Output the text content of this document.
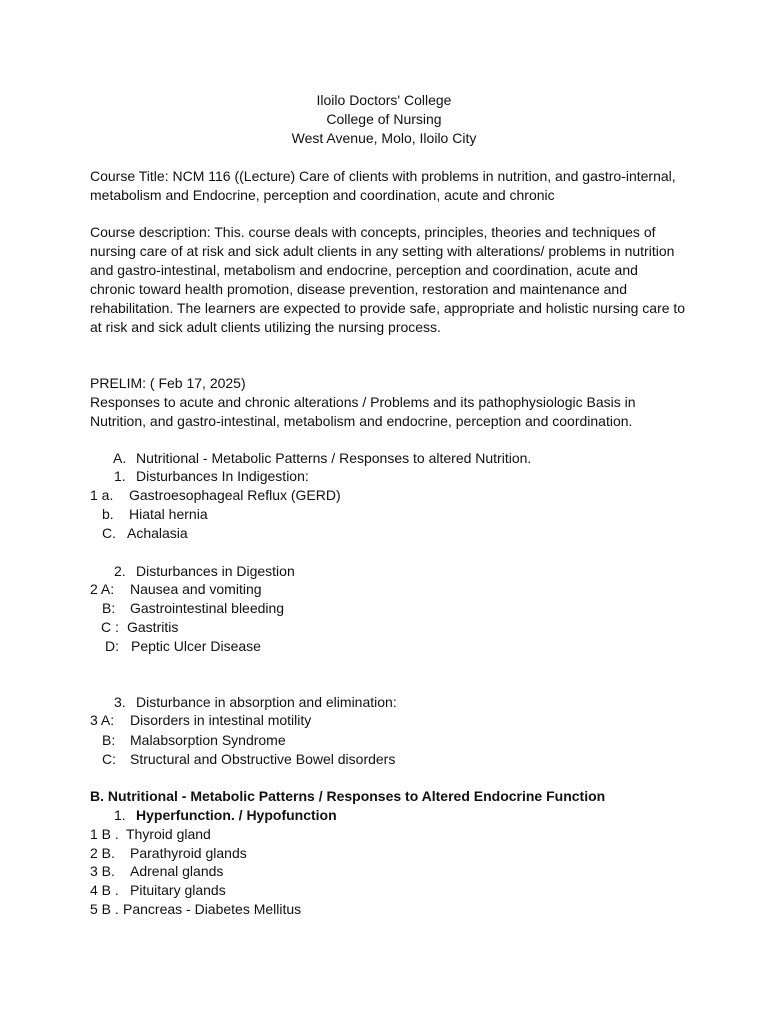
Iloilo Doctors' College
College of Nursing
West Avenue, Molo, Iloilo City
Course Title: NCM 116 ((Lecture) Care of clients with problems in nutrition, and gastro-internal,
metabolism and Endocrine, perception and coordination, acute and chronic
Course description: This. course deals with concepts, principles, theories and techniques of
nursing care of at risk and sick adult clients in any setting with alterations/ problems in nutrition
and gastro-intestinal, metabolism and endocrine, perception and coordination, acute and
chronic toward health promotion, disease prevention, restoration and maintenance and
rehabilitation. The learners are expected to provide safe, appropriate and holistic nursing care to
at risk and sick adult clients utilizing the nursing process.
PRELIM: ( Feb 17, 2025)
Responses to acute and chronic alterations / Problems and its pathophysiologic Basis in
Nutrition, and gastro-intestinal, metabolism and endocrine, perception and coordination.
A. Nutritional - Metabolic Patterns / Responses to altered Nutrition.
1. Disturbances In Indigestion:
1 a. Gastroesophageal Reflux (GERD)
b. Hiatal hernia
C. Achalasia
2. Disturbances in Digestion
2 A: Nausea and vomiting
B: Gastrointestinal bleeding
C : Gastritis
D: Peptic Ulcer Disease
3. Disturbance in absorption and elimination:
3 A: Disorders in intestinal motility
B: Malabsorption Syndrome
C: Structural and Obstructive Bowel disorders
B. Nutritional - Metabolic Patterns / Responses to Altered Endocrine Function
1. Hyperfunction. / Hypofunction
1 B . Thyroid gland
2 B. Parathyroid glands
3 B. Adrenal glands
4 B . Pituitary glands
5 B . Pancreas - Diabetes Mellitus
